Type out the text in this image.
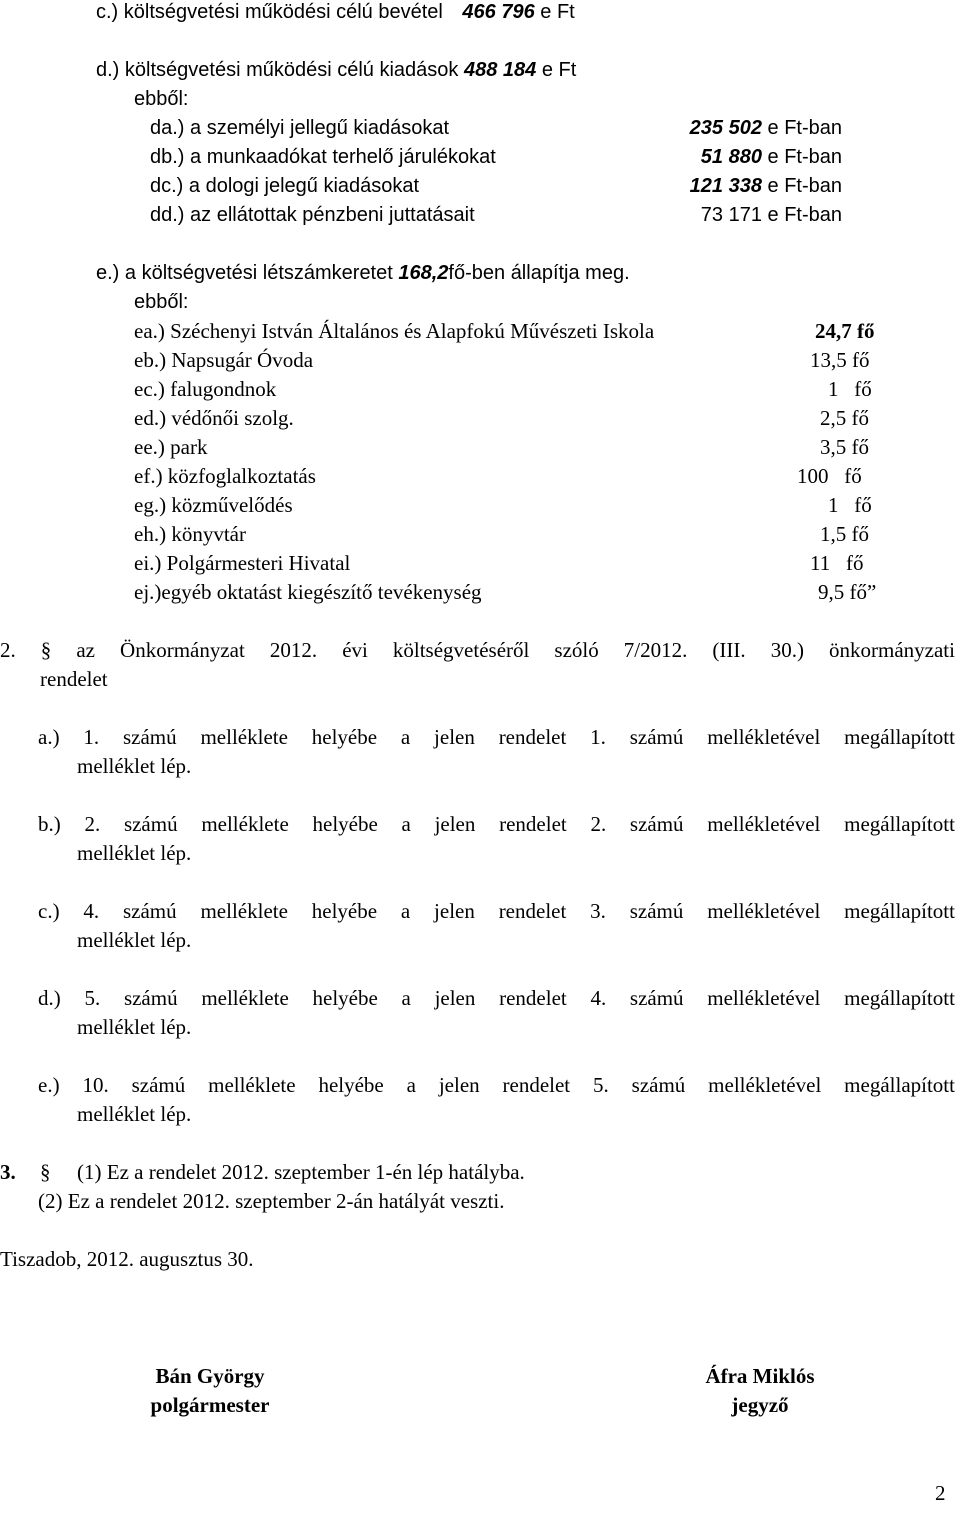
c.) költségvetési működési célú bevétel 466 796 e Ft
d.) költségvetési működési célú kiadások 488 184 e Ft
ebből:
da.) a személyi jellegű kiadásokat	235 502 e Ft-ban
db.) a munkaadókat terhelő járulékokat	51 880 e Ft-ban
dc.) a dologi jelegű kiadásokat	121 338 e Ft-ban
dd.) az ellátottak pénzbeni juttatásait	73 171 e Ft-ban
e.) a költségvetési létszámkeretet 168,2fő-ben állapítja meg.
ebből:
ea.) Széchenyi István Általános és Alapfokú Művészeti Iskola	24,7 fő
eb.) Napsugár Óvoda	13,5 fő
ec.) falugondnok	1   fő
ed.) védőnői szolg.	2,5 fő
ee.) park	3,5 fő
ef.) közfoglalkoztatás	100   fő
eg.) közművelődés	1   fő
eh.) könyvtár	1,5 fő
ei.) Polgármesteri Hivatal	11   fő
ej.)egyéb oktatást kiegészítő tevékenység	9,5 fő”
2. § az Önkormányzat 2012. évi költségvetéséről szóló 7/2012. (III. 30.) önkormányzati
rendelet
a.) 1. számú melléklete helyébe a jelen rendelet 1. számú mellékletével megállapított
melléklet lép.
b.) 2. számú melléklete helyébe a jelen rendelet 2. számú mellékletével megállapított
melléklet lép.
c.) 4. számú melléklete helyébe a jelen rendelet 3. számú mellékletével megállapított
melléklet lép.
d.) 5. számú melléklete helyébe a jelen rendelet 4. számú mellékletével megállapított
melléklet lép.
e.) 10. számú melléklete helyébe a jelen rendelet 5. számú mellékletével megállapított
melléklet lép.
3. § (1) Ez a rendelet 2012. szeptember 1-én lép hatályba.
(2) Ez a rendelet 2012. szeptember 2-án hatályát veszti.
Tiszadob, 2012. augusztus 30.
Bán György
polgármester
Áfra Miklós
jegyző
2
